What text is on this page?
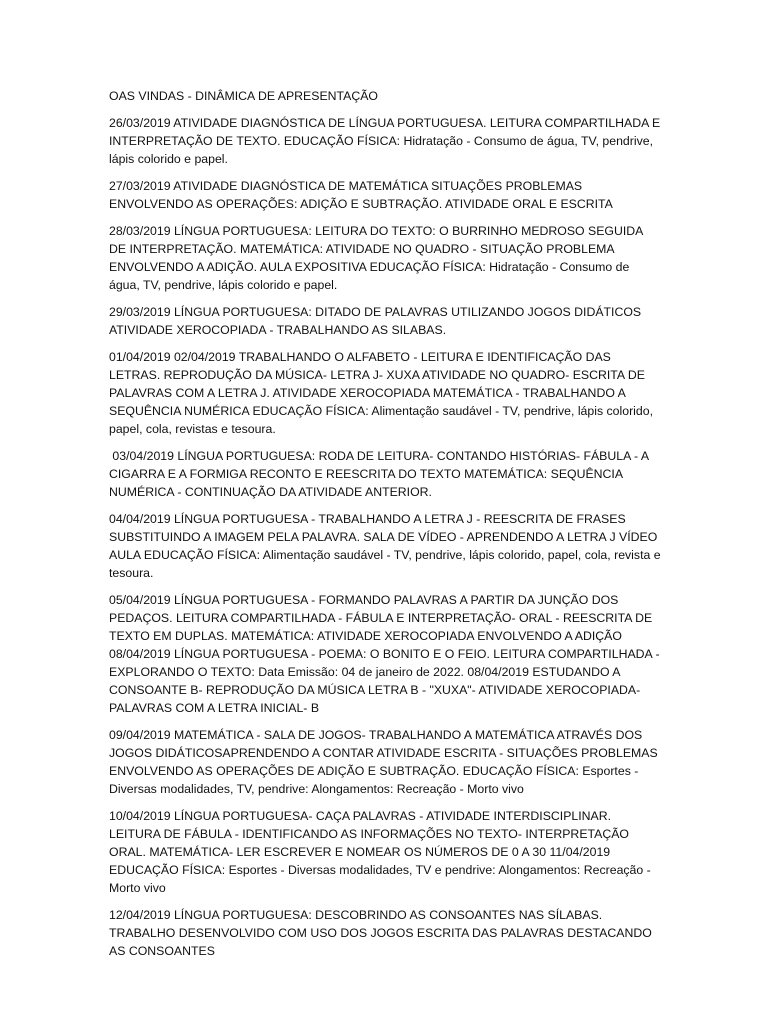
OAS VINDAS - DINÂMICA DE APRESENTAÇÃO

26/03/2019 ATIVIDADE DIAGNÓSTICA DE LÍNGUA PORTUGUESA. LEITURA COMPARTILHADA E INTERPRETAÇÃO DE TEXTO. EDUCAÇÃO FÍSICA: Hidratação - Consumo de água, TV, pendrive, lápis colorido e papel.

27/03/2019 ATIVIDADE DIAGNÓSTICA DE MATEMÁTICA SITUAÇÕES PROBLEMAS ENVOLVENDO AS OPERAÇÕES: ADIÇÃO E SUBTRAÇÃO. ATIVIDADE ORAL E ESCRITA

28/03/2019 LÍNGUA PORTUGUESA: LEITURA DO TEXTO: O BURRINHO MEDROSO SEGUIDA DE INTERPRETAÇÃO. MATEMÁTICA: ATIVIDADE NO QUADRO - SITUAÇÃO PROBLEMA ENVOLVENDO A ADIÇÃO. AULA EXPOSITIVA EDUCAÇÃO FÍSICA: Hidratação - Consumo de água, TV, pendrive, lápis colorido e papel.

29/03/2019 LÍNGUA PORTUGUESA: DITADO DE PALAVRAS UTILIZANDO JOGOS DIDÁTICOS ATIVIDADE XEROCOPIADA - TRABALHANDO AS SILABAS.

01/04/2019 02/04/2019 TRABALHANDO O ALFABETO - LEITURA E IDENTIFICAÇÃO DAS LETRAS. REPRODUÇÃO DA MÚSICA- LETRA J- XUXA ATIVIDADE NO QUADRO- ESCRITA DE PALAVRAS COM A LETRA J. ATIVIDADE XEROCOPIADA MATEMÁTICA - TRABALHANDO A SEQUÊNCIA NUMÉRICA EDUCAÇÃO FÍSICA: Alimentação saudável - TV, pendrive, lápis colorido, papel, cola, revistas e tesoura.

03/04/2019 LÍNGUA PORTUGUESA: RODA DE LEITURA- CONTANDO HISTÓRIAS- FÁBULA - A CIGARRA E A FORMIGA RECONTO E REESCRITA DO TEXTO MATEMÁTICA: SEQUÊNCIA NUMÉRICA - CONTINUAÇÃO DA ATIVIDADE ANTERIOR.

04/04/2019 LÍNGUA PORTUGUESA - TRABALHANDO A LETRA J - REESCRITA DE FRASES SUBSTITUINDO A IMAGEM PELA PALAVRA. SALA DE VÍDEO - APRENDENDO A LETRA J VÍDEO AULA EDUCAÇÃO FÍSICA: Alimentação saudável - TV, pendrive, lápis colorido, papel, cola, revista e tesoura.

05/04/2019 LÍNGUA PORTUGUESA - FORMANDO PALAVRAS A PARTIR DA JUNÇÃO DOS PEDAÇOS. LEITURA COMPARTILHADA - FÁBULA E INTERPRETAÇÃO- ORAL - REESCRITA DE TEXTO EM DUPLAS. MATEMÁTICA: ATIVIDADE XEROCOPIADA ENVOLVENDO A ADIÇÃO 08/04/2019 LÍNGUA PORTUGUESA - POEMA: O BONITO E O FEIO. LEITURA COMPARTILHADA - EXPLORANDO O TEXTO: Data Emissão: 04 de janeiro de 2022. 08/04/2019 ESTUDANDO A CONSOANTE B- REPRODUÇÃO DA MÚSICA LETRA B - "XUXA"- ATIVIDADE XEROCOPIADA- PALAVRAS COM A LETRA INICIAL- B

09/04/2019 MATEMÁTICA - SALA DE JOGOS- TRABALHANDO A MATEMÁTICA ATRAVÉS DOS JOGOS DIDÁTICOSAPRENDENDO A CONTAR ATIVIDADE ESCRITA - SITUAÇÕES PROBLEMAS ENVOLVENDO AS OPERAÇÕES DE ADIÇÃO E SUBTRAÇÃO. EDUCAÇÃO FÍSICA: Esportes - Diversas modalidades, TV, pendrive: Alongamentos: Recreação - Morto vivo

10/04/2019 LÍNGUA PORTUGUESA- CAÇA PALAVRAS - ATIVIDADE INTERDISCIPLINAR. LEITURA DE FÁBULA - IDENTIFICANDO AS INFORMAÇÕES NO TEXTO- INTERPRETAÇÃO ORAL. MATEMÁTICA- LER ESCREVER E NOMEAR OS NÚMEROS DE 0 A 30 11/04/2019 EDUCAÇÃO FÍSICA: Esportes - Diversas modalidades, TV e pendrive: Alongamentos: Recreação - Morto vivo

12/04/2019 LÍNGUA PORTUGUESA: DESCOBRINDO AS CONSOANTES NAS SÍLABAS. TRABALHO DESENVOLVIDO COM USO DOS JOGOS ESCRITA DAS PALAVRAS DESTACANDO AS CONSOANTES
